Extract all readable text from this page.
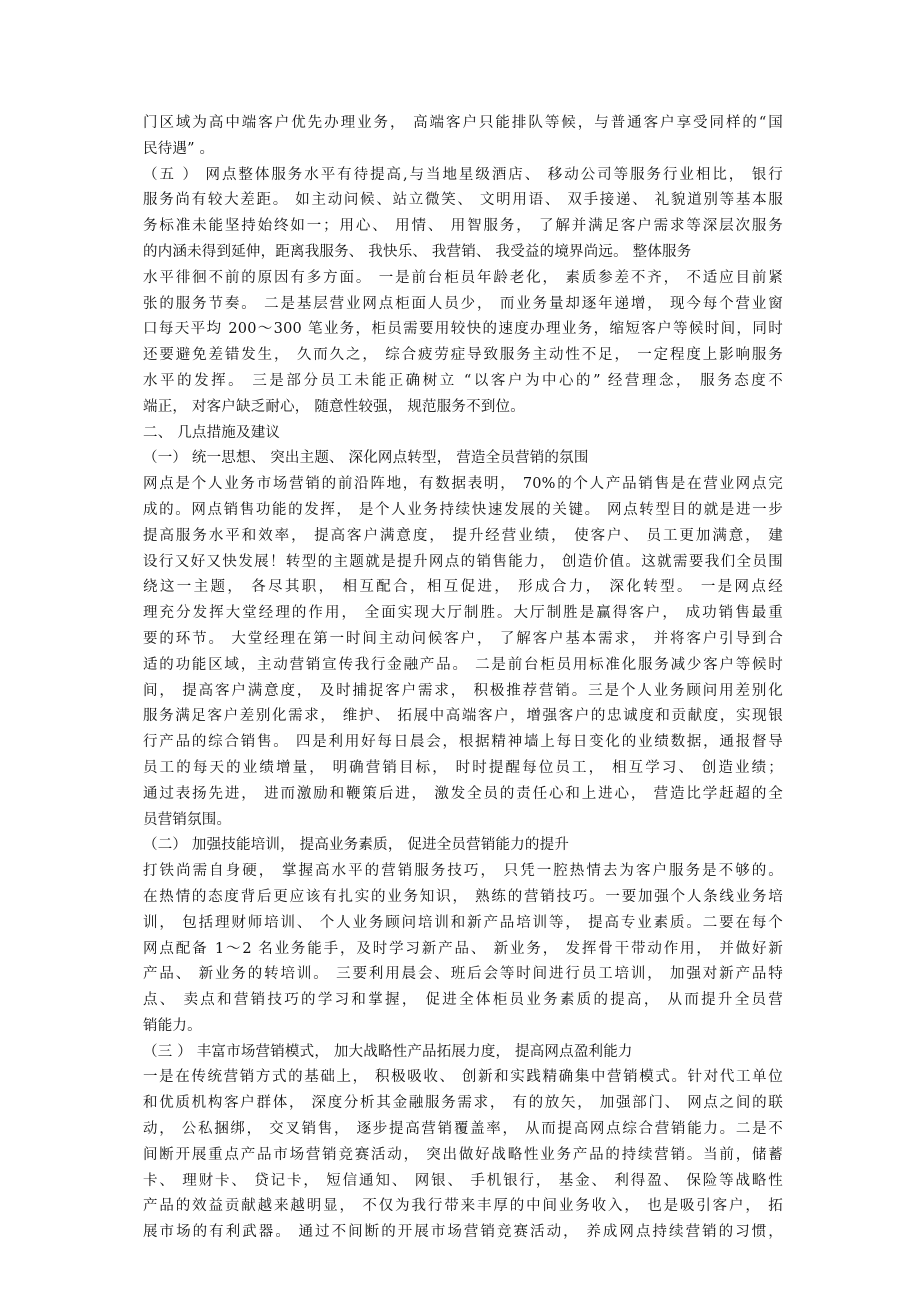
门区域为高中端客户优先办理业务， 高端客户只能排队等候，与普通客户享受同样的“国
民待遇” 。
（五 ） 网点整体服务水平有待提高,与当地星级酒店、 移动公司等服务行业相比， 银行
服务尚有较大差距。 如主动问候、站立微笑、 文明用语、 双手接递、 礼貌道别等基本服
务标准未能坚持始终如一；用心、 用情、 用智服务， 了解并满足客户需求等深层次服务
的内涵未得到延伸，距离我服务、 我快乐、 我营销、 我受益的境界尚远。 整体服务
水平徘徊不前的原因有多方面。 一是前台柜员年龄老化， 素质参差不齐， 不适应目前紧
张的服务节奏。 二是基层营业网点柜面人员少， 而业务量却逐年递增， 现今每个营业窗
口每天平均 200～300 笔业务，柜员需要用较快的速度办理业务，缩短客户等候时间，同时
还要避免差错发生， 久而久之， 综合疲劳症导致服务主动性不足， 一定程度上影响服务
水平的发挥。 三是部分员工未能正确树立 “以客户为中心的” 经营理念， 服务态度不
端正， 对客户缺乏耐心， 随意性较强， 规范服务不到位。
二、 几点措施及建议
（一） 统一思想、 突出主题、 深化网点转型， 营造全员营销的氛围
网点是个人业务市场营销的前沿阵地，有数据表明， 70%的个人产品销售是在营业网点完
成的。网点销售功能的发挥， 是个人业务持续快速发展的关键。 网点转型目的就是进一步
提高服务水平和效率， 提高客户满意度， 提升经营业绩， 使客户、 员工更加满意， 建
设行又好又快发展！转型的主题就是提升网点的销售能力， 创造价值。这就需要我们全员围
绕这一主题， 各尽其职， 相互配合，相互促进， 形成合力， 深化转型。 一是网点经
理充分发挥大堂经理的作用， 全面实现大厅制胜。大厅制胜是赢得客户， 成功销售最重
要的环节。 大堂经理在第一时间主动问候客户， 了解客户基本需求， 并将客户引导到合
适的功能区域，主动营销宣传我行金融产品。 二是前台柜员用标准化服务减少客户等候时
间， 提高客户满意度， 及时捕捉客户需求， 积极推荐营销。三是个人业务顾问用差别化
服务满足客户差别化需求， 维护、 拓展中高端客户，增强客户的忠诚度和贡献度，实现银
行产品的综合销售。 四是利用好每日晨会，根据精神墙上每日变化的业绩数据，通报督导
员工的每天的业绩增量， 明确营销目标， 时时提醒每位员工， 相互学习、 创造业绩；
通过表扬先进， 进而激励和鞭策后进， 激发全员的责任心和上进心， 营造比学赶超的全
员营销氛围。
（二） 加强技能培训， 提高业务素质， 促进全员营销能力的提升
打铁尚需自身硬， 掌握高水平的营销服务技巧， 只凭一腔热情去为客户服务是不够的。
在热情的态度背后更应该有扎实的业务知识， 熟练的营销技巧。一要加强个人条线业务培
训， 包括理财师培训、 个人业务顾问培训和新产品培训等， 提高专业素质。二要在每个
网点配备 1～2 名业务能手，及时学习新产品、 新业务， 发挥骨干带动作用， 并做好新
产品、 新业务的转培训。 三要利用晨会、班后会等时间进行员工培训， 加强对新产品特
点、 卖点和营销技巧的学习和掌握， 促进全体柜员业务素质的提高， 从而提升全员营
销能力。
（三 ） 丰富市场营销模式， 加大战略性产品拓展力度， 提高网点盈利能力
一是在传统营销方式的基础上， 积极吸收、 创新和实践精确集中营销模式。针对代工单位
和优质机构客户群体， 深度分析其金融服务需求， 有的放矢， 加强部门、 网点之间的联
动， 公私捆绑， 交叉销售， 逐步提高营销覆盖率， 从而提高网点综合营销能力。二是不
间断开展重点产品市场营销竞赛活动， 突出做好战略性业务产品的持续营销。当前，储蓄
卡、 理财卡、 贷记卡， 短信通知、 网银、 手机银行， 基金、 利得盈、 保险等战略性
产品的效益贡献越来越明显， 不仅为我行带来丰厚的中间业务收入， 也是吸引客户， 拓
展市场的有利武器。 通过不间断的开展市场营销竞赛活动， 养成网点持续营销的习惯，
